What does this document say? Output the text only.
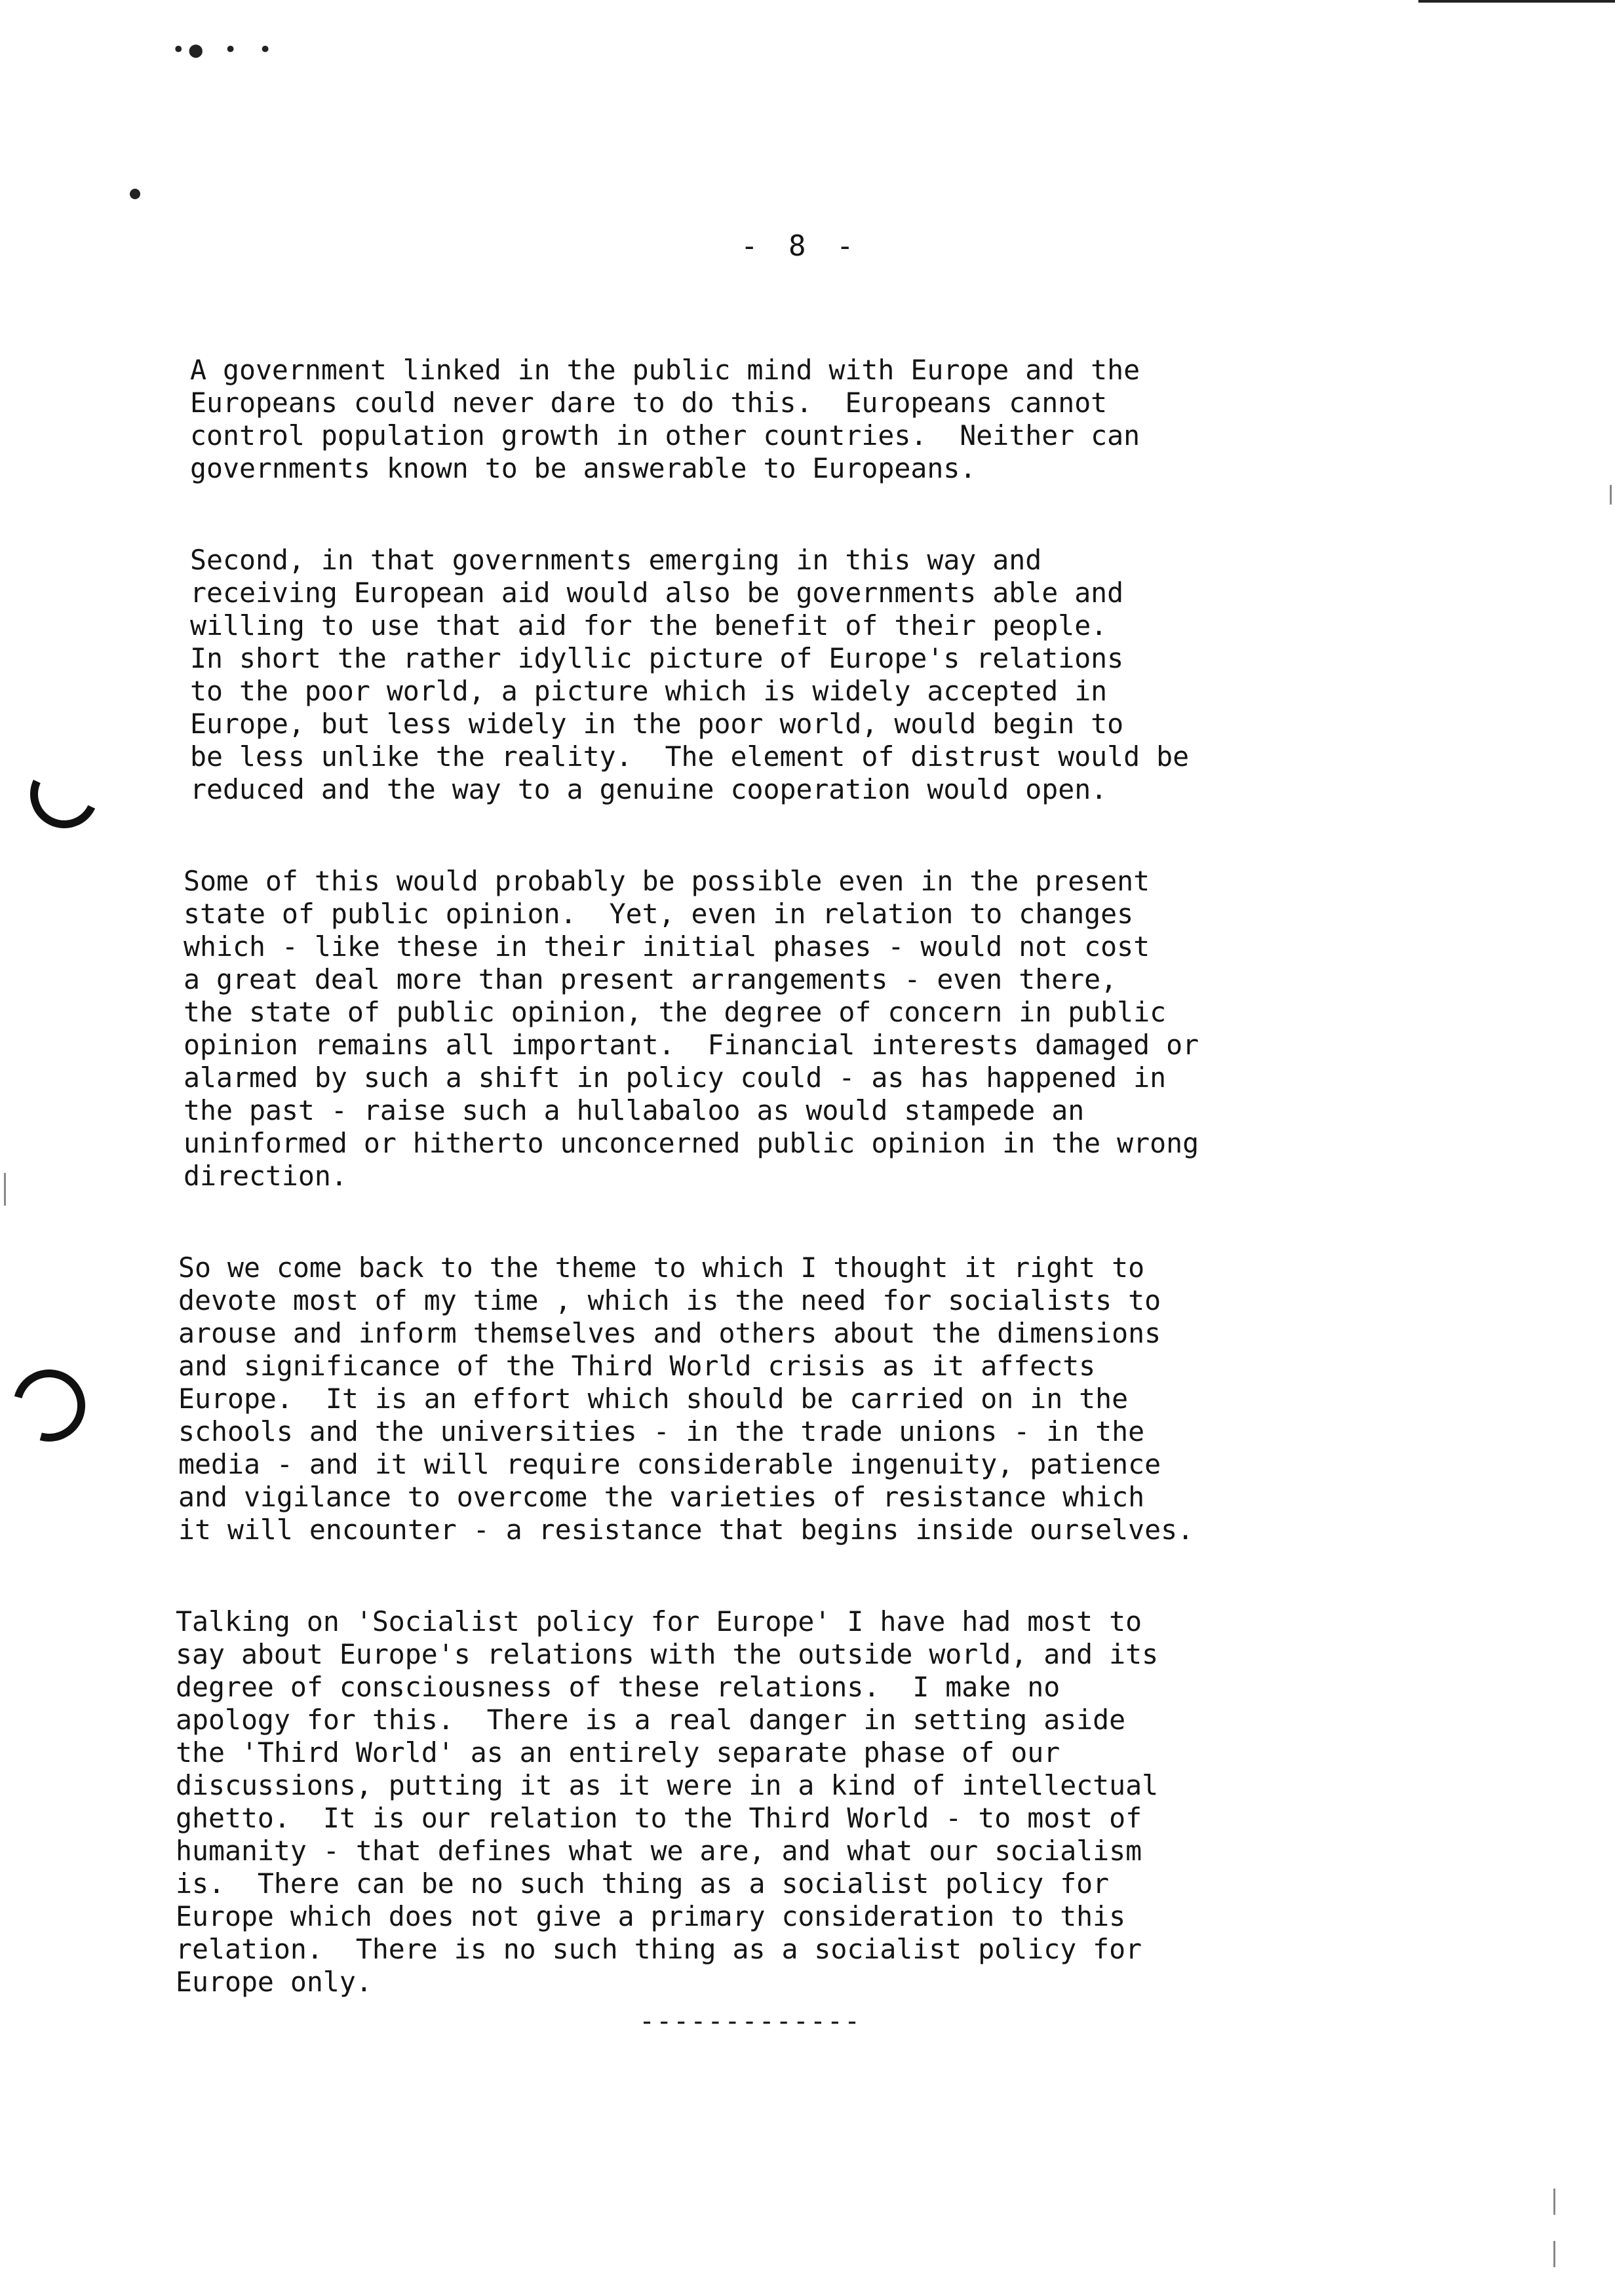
•● • •
- 8 -

A government linked in the public mind with Europe and the
Europeans could never dare to do this.  Europeans cannot
control population growth in other countries.  Neither can
governments known to be answerable to Europeans.

Second, in that governments emerging in this way and
receiving European aid would also be governments able and
willing to use that aid for the benefit of their people.
In short the rather idyllic picture of Europe's relations
to the poor world, a picture which is widely accepted in
Europe, but less widely in the poor world, would begin to
be less unlike the reality.  The element of distrust would be
reduced and the way to a genuine cooperation would open.

Some of this would probably be possible even in the present
state of public opinion.  Yet, even in relation to changes
which - like these in their initial phases - would not cost
a great deal more than present arrangements - even there,
the state of public opinion, the degree of concern in public
opinion remains all important.  Financial interests damaged or
alarmed by such a shift in policy could - as has happened in
the past - raise such a hullabaloo as would stampede an
uninformed or hitherto unconcerned public opinion in the wrong
direction.

So we come back to the theme to which I thought it right to
devote most of my time , which is the need for socialists to
arouse and inform themselves and others about the dimensions
and significance of the Third World crisis as it affects
Europe.  It is an effort which should be carried on in the
schools and the universities - in the trade unions - in the
media - and it will require considerable ingenuity, patience
and vigilance to overcome the varieties of resistance which
it will encounter - a resistance that begins inside ourselves.

Talking on 'Socialist policy for Europe' I have had most to
say about Europe's relations with the outside world, and its
degree of consciousness of these relations.  I make no
apology for this.  There is a real danger in setting aside
the 'Third World' as an entirely separate phase of our
discussions, putting it as it were in a kind of intellectual
ghetto.  It is our relation to the Third World - to most of
humanity - that defines what we are, and what our socialism
is.  There can be no such thing as a socialist policy for
Europe which does not give a primary consideration to this
relation.  There is no such thing as a socialist policy for
Europe only.

-------------
